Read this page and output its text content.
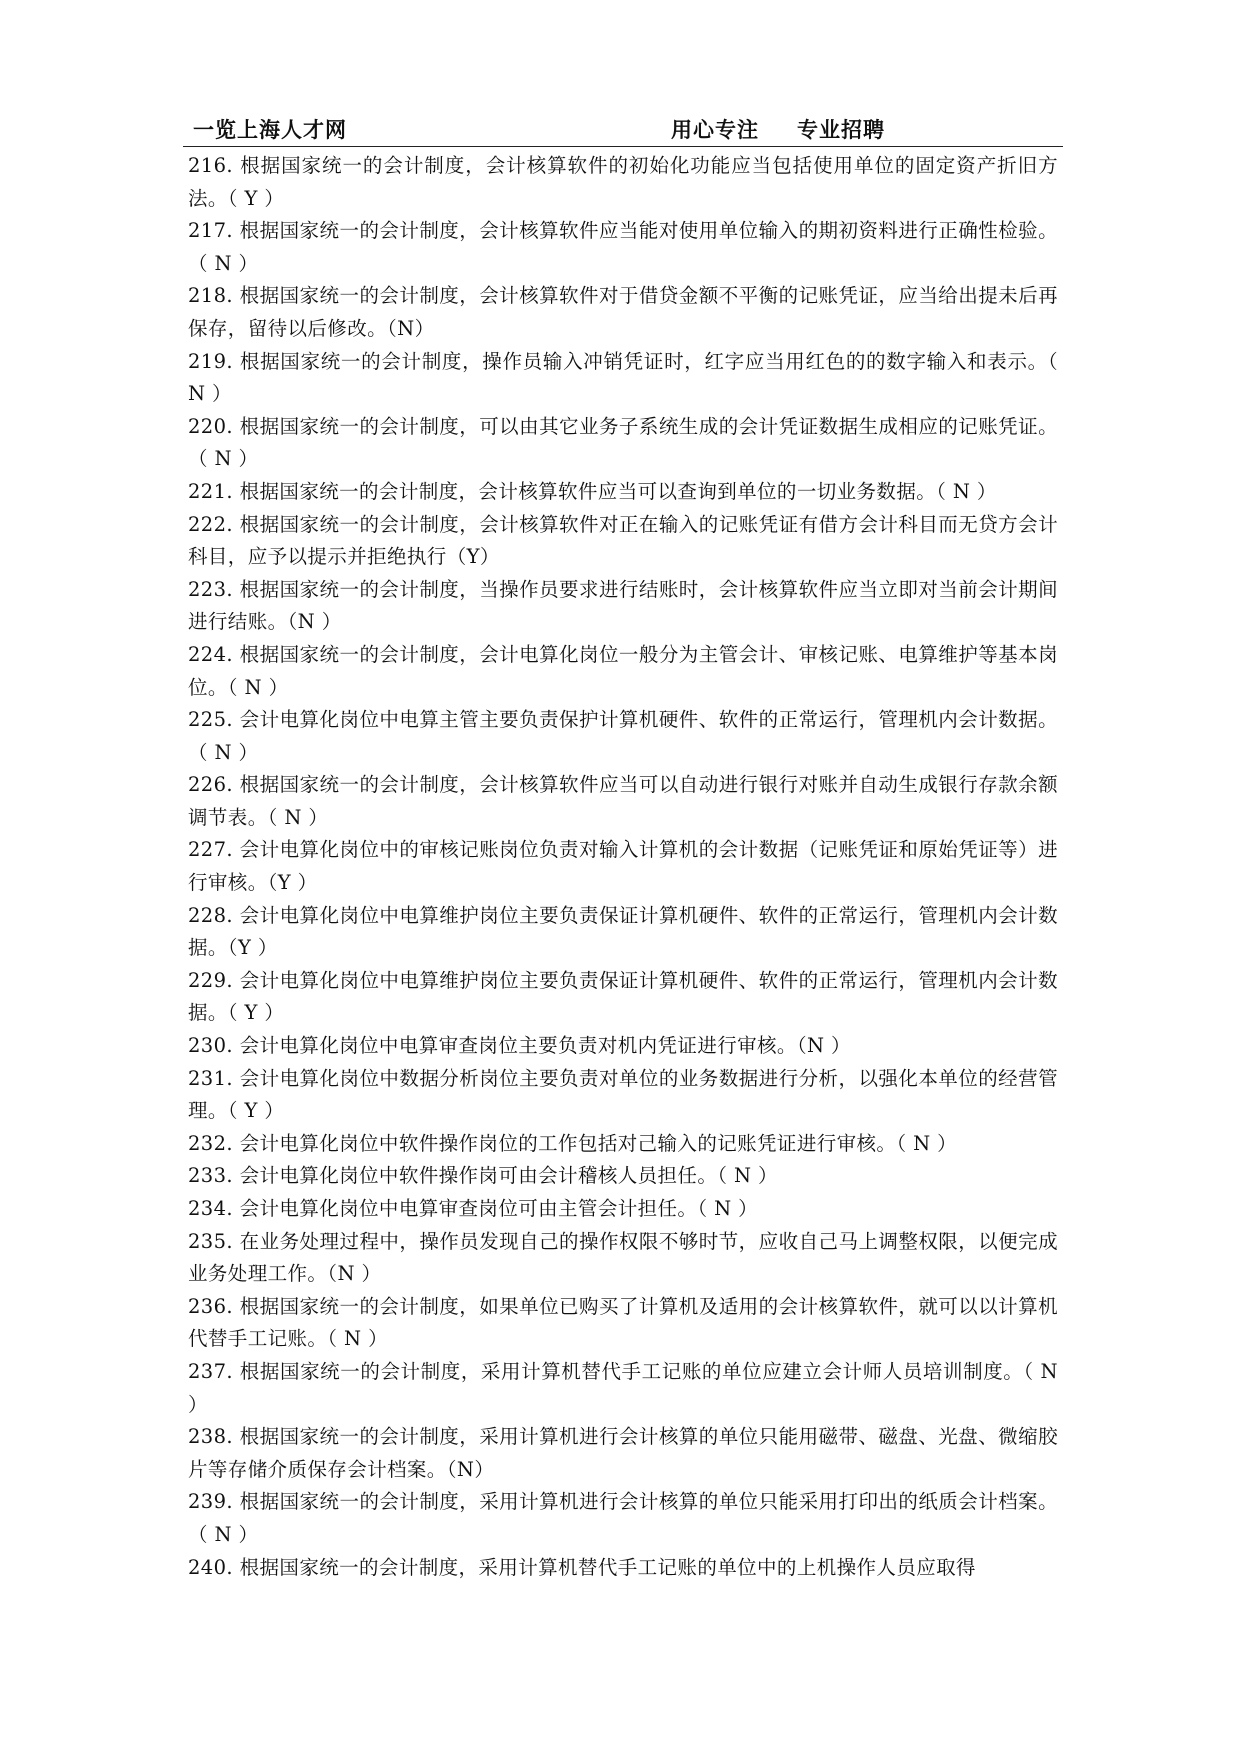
一览上海人才网	用心专注 专业招聘

216. 根据国家统一的会计制度，会计核算软件的初始化功能应当包括使用单位的固定资产折旧方法。（ Y ）

217. 根据国家统一的会计制度，会计核算软件应当能对使用单位输入的期初资料进行正确性检验。（ N ）

218. 根据国家统一的会计制度，会计核算软件对于借贷金额不平衡的记账凭证，应当给出提未后再保存，留待以后修改。（N）

219. 根据国家统一的会计制度，操作员输入冲销凭证时，红字应当用红色的的数字输入和表示。（ N ）

220. 根据国家统一的会计制度，可以由其它业务子系统生成的会计凭证数据生成相应的记账凭证。（ N ）

221. 根据国家统一的会计制度，会计核算软件应当可以查询到单位的一切业务数据。（ N ）

222. 根据国家统一的会计制度，会计核算软件对正在输入的记账凭证有借方会计科目而无贷方会计科目，应予以提示并拒绝执行（Y）

223. 根据国家统一的会计制度，当操作员要求进行结账时，会计核算软件应当立即对当前会计期间进行结账。（N ）

224. 根据国家统一的会计制度，会计电算化岗位一般分为主管会计、审核记账、电算维护等基本岗位。（ N ）

225. 会计电算化岗位中电算主管主要负责保护计算机硬件、软件的正常运行，管理机内会计数据。（ N ）

226. 根据国家统一的会计制度，会计核算软件应当可以自动进行银行对账并自动生成银行存款余额调节表。（ N ）

227. 会计电算化岗位中的审核记账岗位负责对输入计算机的会计数据（记账凭证和原始凭证等）进行审核。（Y ）

228. 会计电算化岗位中电算维护岗位主要负责保证计算机硬件、软件的正常运行，管理机内会计数据。（Y ）

229. 会计电算化岗位中电算维护岗位主要负责保证计算机硬件、软件的正常运行，管理机内会计数据。（ Y ）

230. 会计电算化岗位中电算审查岗位主要负责对机内凭证进行审核。（N ）

231. 会计电算化岗位中数据分析岗位主要负责对单位的业务数据进行分析，以强化本单位的经营管理。（ Y ）

232. 会计电算化岗位中软件操作岗位的工作包括对己输入的记账凭证进行审核。（ N ）

233. 会计电算化岗位中软件操作岗可由会计稽核人员担任。（ N ）

234. 会计电算化岗位中电算审查岗位可由主管会计担任。（ N ）

235. 在业务处理过程中，操作员发现自己的操作权限不够时节，应收自己马上调整权限，以便完成业务处理工作。（N ）

236. 根据国家统一的会计制度，如果单位已购买了计算机及适用的会计核算软件，就可以以计算机代替手工记账。（ N ）

237. 根据国家统一的会计制度，采用计算机替代手工记账的单位应建立会计师人员培训制度。（ N ）

238. 根据国家统一的会计制度，采用计算机进行会计核算的单位只能用磁带、磁盘、光盘、微缩胶片等存储介质保存会计档案。（N）

239. 根据国家统一的会计制度，采用计算机进行会计核算的单位只能采用打印出的纸质会计档案。（ N ）

240. 根据国家统一的会计制度，采用计算机替代手工记账的单位中的上机操作人员应取得
